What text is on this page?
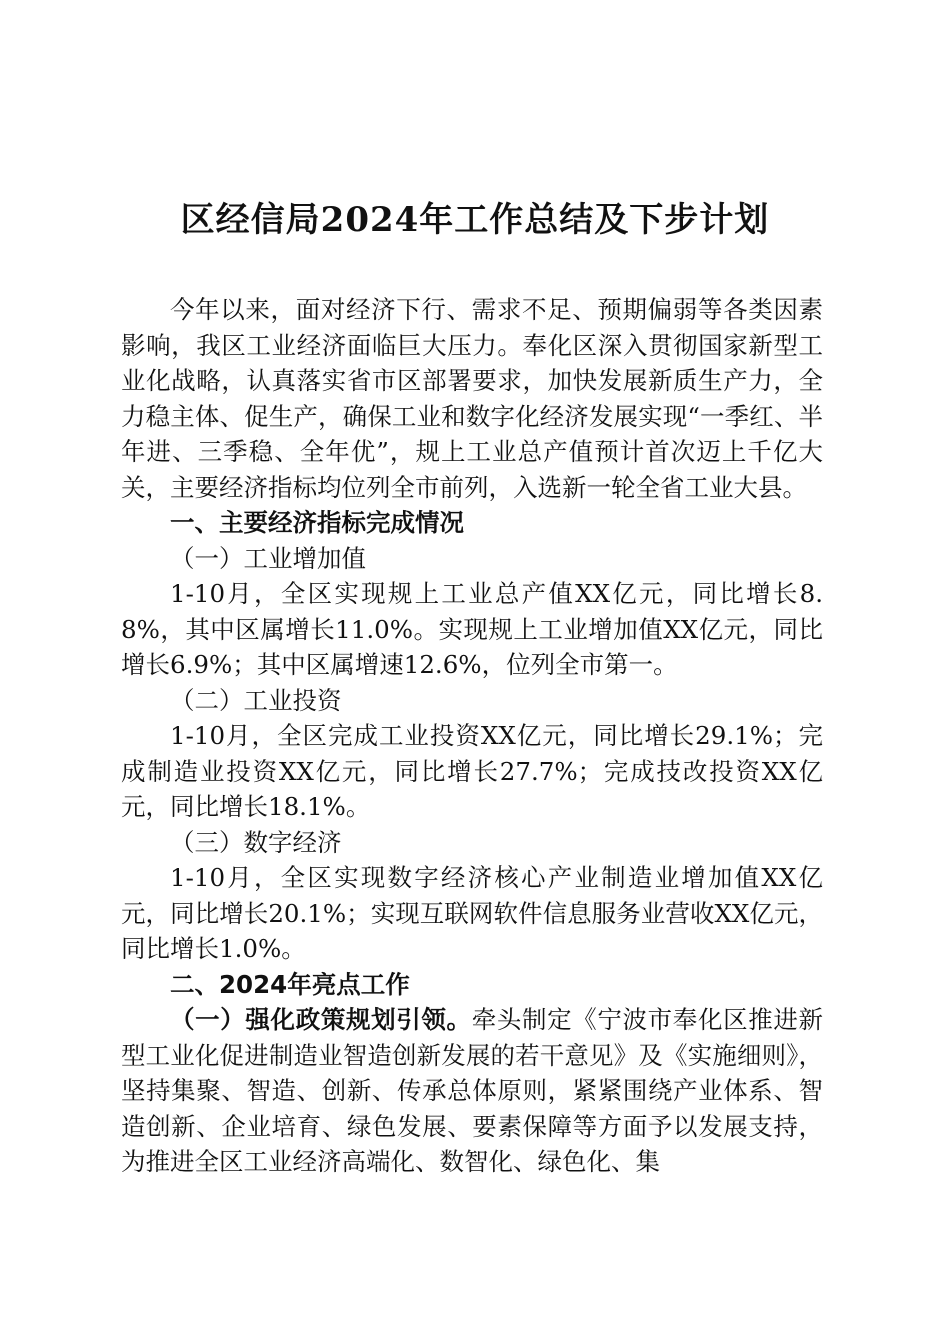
区经信局2024年工作总结及下步计划

今年以来，面对经济下行、需求不足、预期偏弱等各类因素影响，我区工业经济面临巨大压力。奉化区深入贯彻国家新型工业化战略，认真落实省市区部署要求，加快发展新质生产力，全力稳主体、促生产，确保工业和数字化经济发展实现“一季红、半年进、三季稳、全年优”，规上工业总产值预计首次迈上千亿大关，主要经济指标均位列全市前列，入选新一轮全省工业大县。

一、主要经济指标完成情况

（一）工业增加值

1-10月，全区实现规上工业总产值XX亿元，同比增长8.8%，其中区属增长11.0%。实现规上工业增加值XX亿元，同比增长6.9%；其中区属增速12.6%，位列全市第一。

（二）工业投资

1-10月，全区完成工业投资XX亿元，同比增长29.1%；完成制造业投资XX亿元，同比增长27.7%；完成技改投资XX亿元，同比增长18.1%。

（三）数字经济

1-10月，全区实现数字经济核心产业制造业增加值XX亿元，同比增长20.1%；实现互联网软件信息服务业营收XX亿元，同比增长1.0%。

二、2024年亮点工作

（一）强化政策规划引领。牵头制定《宁波市奉化区推进新型工业化促进制造业智造创新发展的若干意见》及《实施细则》，坚持集聚、智造、创新、传承总体原则，紧紧围绕产业体系、智造创新、企业培育、绿色发展、要素保障等方面予以发展支持，为推进全区工业经济高端化、数智化、绿色化、集
